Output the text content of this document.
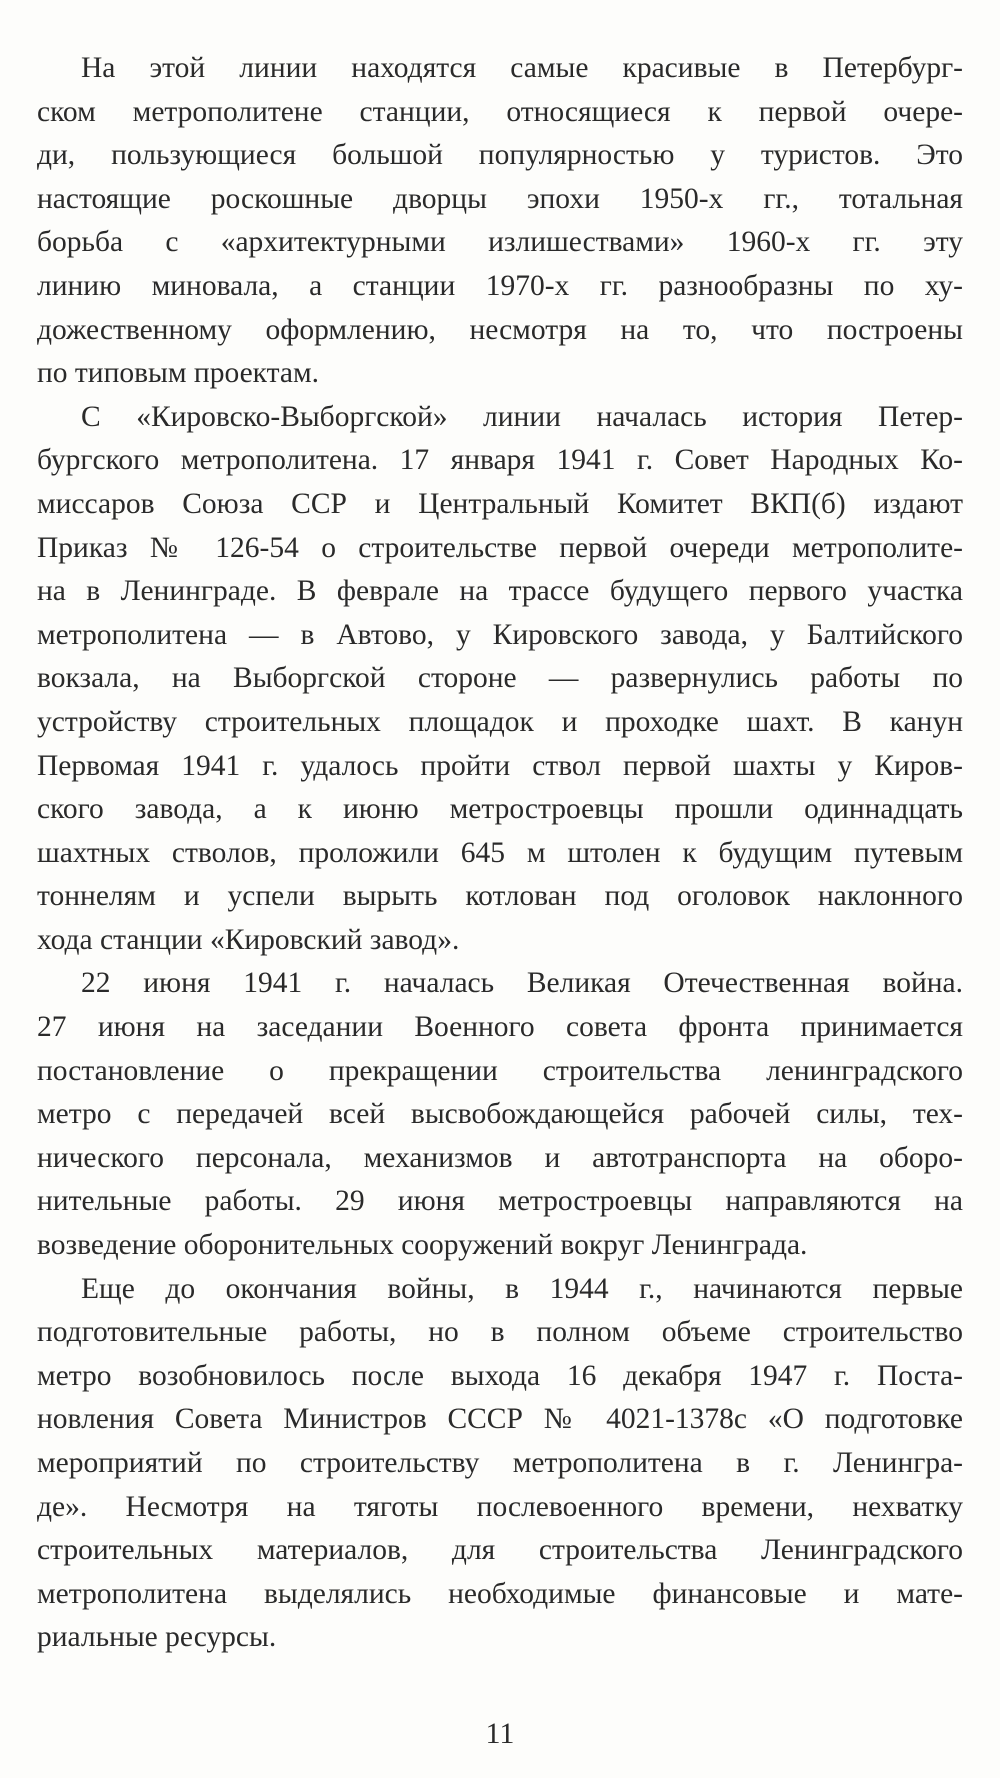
На этой линии находятся самые красивые в Петербург-
ском метрополитене станции, относящиеся к первой очере-
ди, пользующиеся большой популярностью у туристов. Это
настоящие роскошные дворцы эпохи 1950-х гг., тотальная
борьба с «архитектурными излишествами» 1960-х гг. эту
линию миновала, а станции 1970-х гг. разнообразны по ху-
дожественному оформлению, несмотря на то, что построены
по типовым проектам.
С «Кировско-Выборгской» линии началась история Петер-
бургского метрополитена. 17 января 1941 г. Совет Народных Ко-
миссаров Союза ССР и Центральный Комитет ВКП(б) издают
Приказ № 126-54 о строительстве первой очереди метрополите-
на в Ленинграде. В феврале на трассе будущего первого участка
метрополитена — в Автово, у Кировского завода, у Балтийского
вокзала, на Выборгской стороне — развернулись работы по
устройству строительных площадок и проходке шахт. В канун
Первомая 1941 г. удалось пройти ствол первой шахты у Киров-
ского завода, а к июню метростроевцы прошли одиннадцать
шахтных стволов, проложили 645 м штолен к будущим путевым
тоннелям и успели вырыть котлован под оголовок наклонного
хода станции «Кировский завод».
22 июня 1941 г. началась Великая Отечественная война.
27 июня на заседании Военного совета фронта принимается
постановление о прекращении строительства ленинградского
метро с передачей всей высвобождающейся рабочей силы, тех-
нического персонала, механизмов и автотранспорта на оборо-
нительные работы. 29 июня метростроевцы направляются на
возведение оборонительных сооружений вокруг Ленинграда.
Еще до окончания войны, в 1944 г., начинаются первые
подготовительные работы, но в полном объеме строительство
метро возобновилось после выхода 16 декабря 1947 г. Поста-
новления Совета Министров СССР № 4021-1378с «О подготовке
мероприятий по строительству метрополитена в г. Ленингра-
де». Несмотря на тяготы послевоенного времени, нехватку
строительных материалов, для строительства Ленинградского
метрополитена выделялись необходимые финансовые и мате-
риальные ресурсы.
11
